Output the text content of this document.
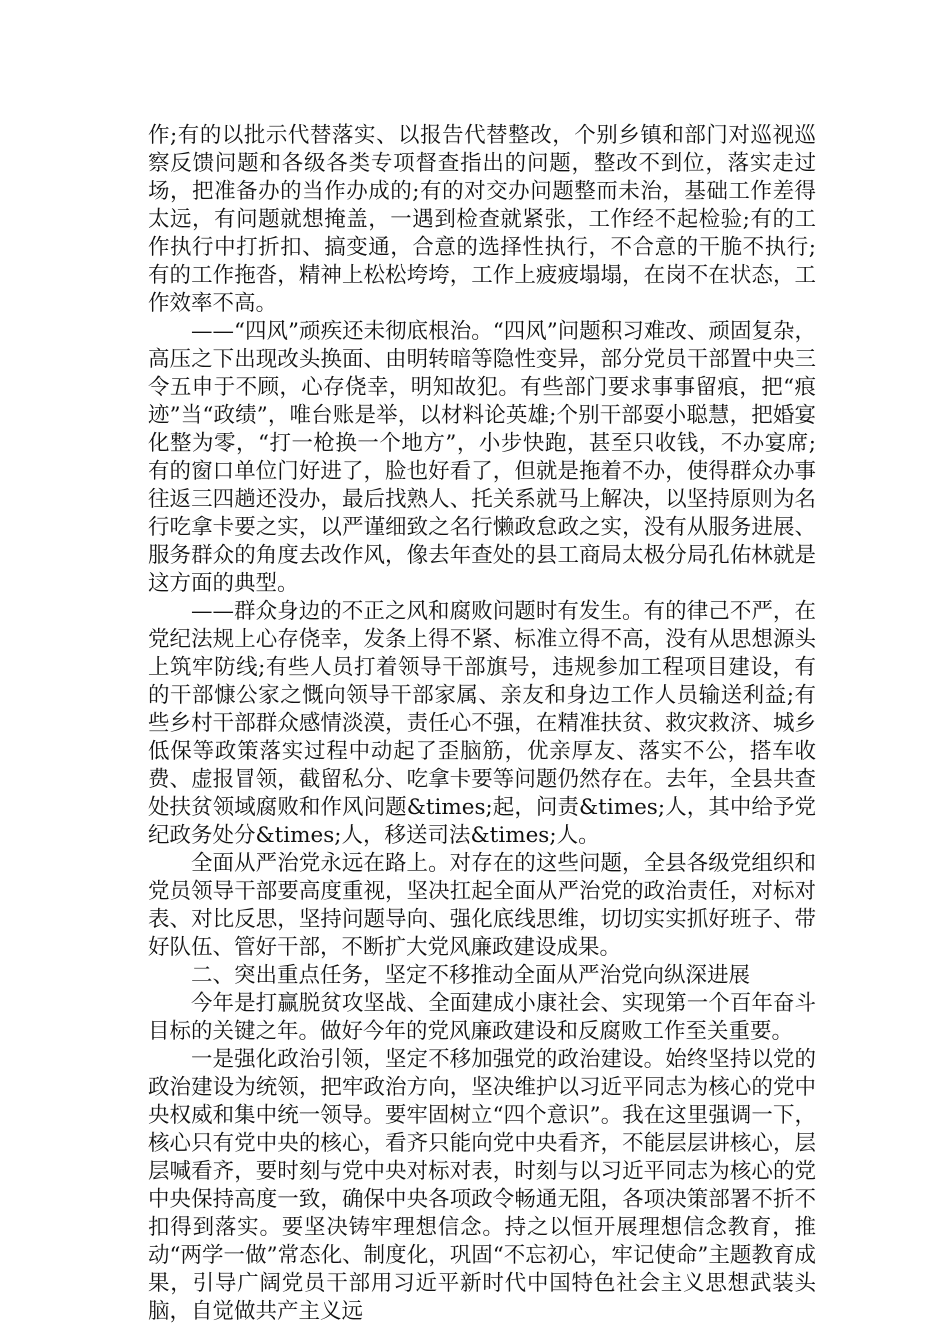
作;有的以批示代替落实、以报告代替整改，个别乡镇和部门对巡视巡察反馈问题和各级各类专项督查指出的问题，整改不到位，落实走过场，把准备办的当作办成的;有的对交办问题整而未治，基础工作差得太远，有问题就想掩盖，一遇到检查就紧张，工作经不起检验;有的工作执行中打折扣、搞变通，合意的选择性执行，不合意的干脆不执行;有的工作拖沓，精神上松松垮垮，工作上疲疲塌塌，在岗不在状态，工作效率不高。

——“四风”顽疾还未彻底根治。“四风”问题积习难改、顽固复杂，高压之下出现改头换面、由明转暗等隐性变异，部分党员干部置中央三令五申于不顾，心存侥幸，明知故犯。有些部门要求事事留痕，把“痕迹”当“政绩”，唯台账是举，以材料论英雄;个别干部耍小聪慧，把婚宴化整为零，“打一枪换一个地方”，小步快跑，甚至只收钱，不办宴席;有的窗口单位门好进了，脸也好看了，但就是拖着不办，使得群众办事往返三四趟还没办，最后找熟人、托关系就马上解决，以坚持原则为名行吃拿卡要之实，以严谨细致之名行懒政怠政之实，没有从服务进展、服务群众的角度去改作风，像去年查处的县工商局太极分局孔佑林就是这方面的典型。

——群众身边的不正之风和腐败问题时有发生。有的律己不严，在党纪法规上心存侥幸，发条上得不紧、标准立得不高，没有从思想源头上筑牢防线;有些人员打着领导干部旗号，违规参加工程项目建设，有的干部慷公家之慨向领导干部家属、亲友和身边工作人员输送利益;有些乡村干部群众感情淡漠，责任心不强，在精准扶贫、救灾救济、城乡低保等政策落实过程中动起了歪脑筋，优亲厚友、落实不公，搭车收费、虚报冒领，截留私分、吃拿卡要等问题仍然存在。去年，全县共查处扶贫领域腐败和作风问题&times;起，问责&times;人，其中给予党纪政务处分&times;人，移送司法&times;人。

全面从严治党永远在路上。对存在的这些问题，全县各级党组织和党员领导干部要高度重视，坚决扛起全面从严治党的政治责任，对标对表、对比反思，坚持问题导向、强化底线思维，切切实实抓好班子、带好队伍、管好干部，不断扩大党风廉政建设成果。

二、突出重点任务，坚定不移推动全面从严治党向纵深进展

今年是打赢脱贫攻坚战、全面建成小康社会、实现第一个百年奋斗目标的关键之年。做好今年的党风廉政建设和反腐败工作至关重要。

一是强化政治引领，坚定不移加强党的政治建设。始终坚持以党的政治建设为统领，把牢政治方向，坚决维护以习近平同志为核心的党中央权威和集中统一领导。要牢固树立“四个意识”。我在这里强调一下，核心只有党中央的核心，看齐只能向党中央看齐，不能层层讲核心，层层喊看齐，要时刻与党中央对标对表，时刻与以习近平同志为核心的党中央保持高度一致，确保中央各项政令畅通无阻，各项决策部署不折不扣得到落实。要坚决铸牢理想信念。持之以恒开展理想信念教育，推动“两学一做”常态化、制度化，巩固“不忘初心，牢记使命”主题教育成果，引导广阔党员干部用习近平新时代中国特色社会主义思想武装头脑，自觉做共产主义远
